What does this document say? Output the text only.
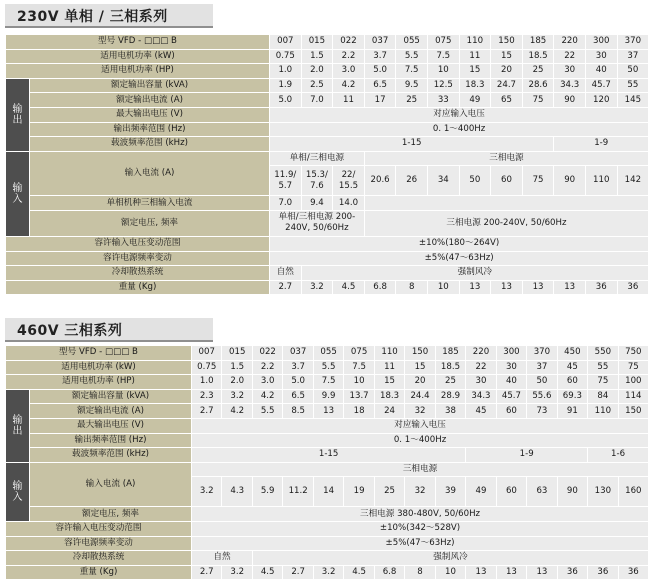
230V 单相 / 三相系列
型号 VFD - □□□ B		007	015	022	037	055	075	110	150	185	220	300	370
适用电机功率 (kW)		0.75	1.5	2.2	3.7	5.5	7.5	11	15	18.5	22	30	37
适用电机功率 (HP)		1.0	2.0	3.0	5.0	7.5	10	15	20	25	30	40	50
输
出	额定输出容量 (kVA)	1.9	2.5	4.2	6.5	9.5	12.5	18.3	24.7	28.6	34.3	45.7	55
	额定输出电流 (A)	5.0	7.0	11	17	25	33	49	65	75	90	120	145
	最大输出电压 (V)	对应输入电压											
	输出频率范围 (Hz)	0. 1～400Hz											
	载波频率范围 (kHz)	1-15									1-9		
输
入	输入电流 (A)	单相/三相电源			三相电源								
		11.9/ 5.7	15.3/ 7.6	22/ 15.5	20.6	26	34	50	60	75	90	110	142
	单相机种三相输入电流	7.0	9.4	14.0									
	额定电压, 频率	单相/三相电源 200-240V, 50/60Hz			三相电源 200-240V, 50/60Hz								
容许输入电压变动范围		±10%(180～264V)											
容许电源频率变动		±5%(47～63Hz)											
冷却散热系统		自然	强制风冷										
重量 (Kg)		2.7	3.2	4.5	6.8	8	10	13	13	13	13	36	36
460V 三相系列
型号 VFD - □□□ B		007	015	022	037	055	075	110	150	185	220	300	370	450	550	750
适用电机功率 (kW)		0.75	1.5	2.2	3.7	5.5	7.5	11	15	18.5	22	30	37	45	55	75
适用电机功率 (HP)		1.0	2.0	3.0	5.0	7.5	10	15	20	25	30	40	50	60	75	100
输
出	额定输出容量 (kVA)	2.3	3.2	4.2	6.5	9.9	13.7	18.3	24.4	28.9	34.3	45.7	55.6	69.3	84	114
	额定输出电流 (A)	2.7	4.2	5.5	8.5	13	18	24	32	38	45	60	73	91	110	150
	最大输出电压 (V)	对应输入电压														
	输出频率范围 (Hz)	0. 1～400Hz														
	载波频率范围 (kHz)	1-15									1-9				1-6	
输
入	输入电流 (A)	三相电源														
		3.2	4.3	5.9	11.2	14	19	25	32	39	49	60	63	90	130	160
	额定电压, 频率	三相电源 380-480V, 50/60Hz														
容许输入电压变动范围		±10%(342～528V)														
容许电源频率变动		±5%(47～63Hz)														
冷却散热系统		自然		强制风冷												
重量 (Kg)		2.7	3.2	4.5	2.7	3.2	4.5	6.8	8	10	13	13	13	36	36	36
